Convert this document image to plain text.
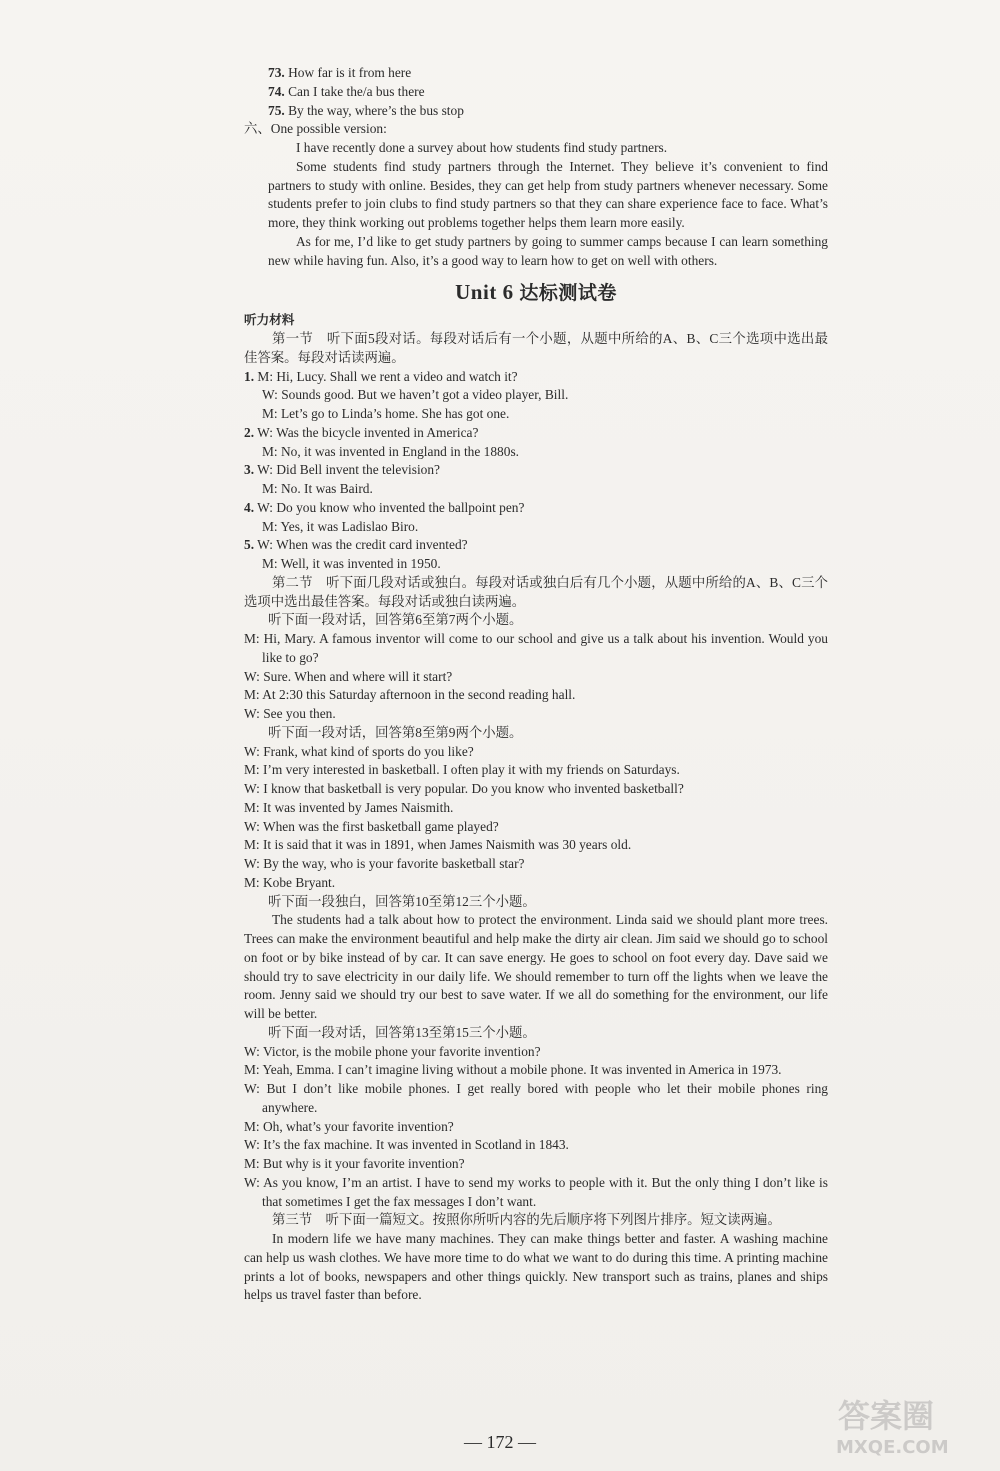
73. How far is it from here
74. Can I take the/a bus there
75. By the way, where’s the bus stop
六、One possible version:
I have recently done a survey about how students find study partners.
Some students find study partners through the Internet. They believe it’s convenient to find partners to study with online. Besides, they can get help from study partners whenever necessary. Some students prefer to join clubs to find study partners so that they can share experience face to face. What’s more, they think working out problems together helps them learn more easily.
As for me, I’d like to get study partners by going to summer camps because I can learn something new while having fun. Also, it’s a good way to learn how to get on well with others.
Unit 6 达标测试卷
听力材料
第一节　听下面5段对话。每段对话后有一个小题，从题中所给的A、B、C三个选项中选出最佳答案。每段对话读两遍。
1. M: Hi, Lucy. Shall we rent a video and watch it?
W: Sounds good. But we haven’t got a video player, Bill.
M: Let’s go to Linda’s home. She has got one.
2. W: Was the bicycle invented in America?
M: No, it was invented in England in the 1880s.
3. W: Did Bell invent the television?
M: No. It was Baird.
4. W: Do you know who invented the ballpoint pen?
M: Yes, it was Ladislao Biro.
5. W: When was the credit card invented?
M: Well, it was invented in 1950.
第二节　听下面几段对话或独白。每段对话或独白后有几个小题，从题中所给的A、B、C三个选项中选出最佳答案。每段对话或独白读两遍。
听下面一段对话，回答第6至第7两个小题。
M: Hi, Mary. A famous inventor will come to our school and give us a talk about his invention. Would you like to go?
W: Sure. When and where will it start?
M: At 2:30 this Saturday afternoon in the second reading hall.
W: See you then.
听下面一段对话，回答第8至第9两个小题。
W: Frank, what kind of sports do you like?
M: I’m very interested in basketball. I often play it with my friends on Saturdays.
W: I know that basketball is very popular. Do you know who invented basketball?
M: It was invented by James Naismith.
W: When was the first basketball game played?
M: It is said that it was in 1891, when James Naismith was 30 years old.
W: By the way, who is your favorite basketball star?
M: Kobe Bryant.
听下面一段独白，回答第10至第12三个小题。
The students had a talk about how to protect the environment. Linda said we should plant more trees. Trees can make the environment beautiful and help make the dirty air clean. Jim said we should go to school on foot or by bike instead of by car. It can save energy. He goes to school on foot every day. Dave said we should try to save electricity in our daily life. We should remember to turn off the lights when we leave the room. Jenny said we should try our best to save water. If we all do something for the environment, our life will be better.
听下面一段对话，回答第13至第15三个小题。
W: Victor, is the mobile phone your favorite invention?
M: Yeah, Emma. I can’t imagine living without a mobile phone. It was invented in America in 1973.
W: But I don’t like mobile phones. I get really bored with people who let their mobile phones ring anywhere.
M: Oh, what’s your favorite invention?
W: It’s the fax machine. It was invented in Scotland in 1843.
M: But why is it your favorite invention?
W: As you know, I’m an artist. I have to send my works to people with it. But the only thing I don’t like is that sometimes I get the fax messages I don’t want.
第三节　听下面一篇短文。按照你所听内容的先后顺序将下列图片排序。短文读两遍。
In modern life we have many machines. They can make things better and faster. A washing machine can help us wash clothes. We have more time to do what we want to do during this time. A printing machine prints a lot of books, newspapers and other things quickly. New transport such as trains, planes and ships helps us travel faster than before.
— 172 —
答案圈
MXQE.COM
